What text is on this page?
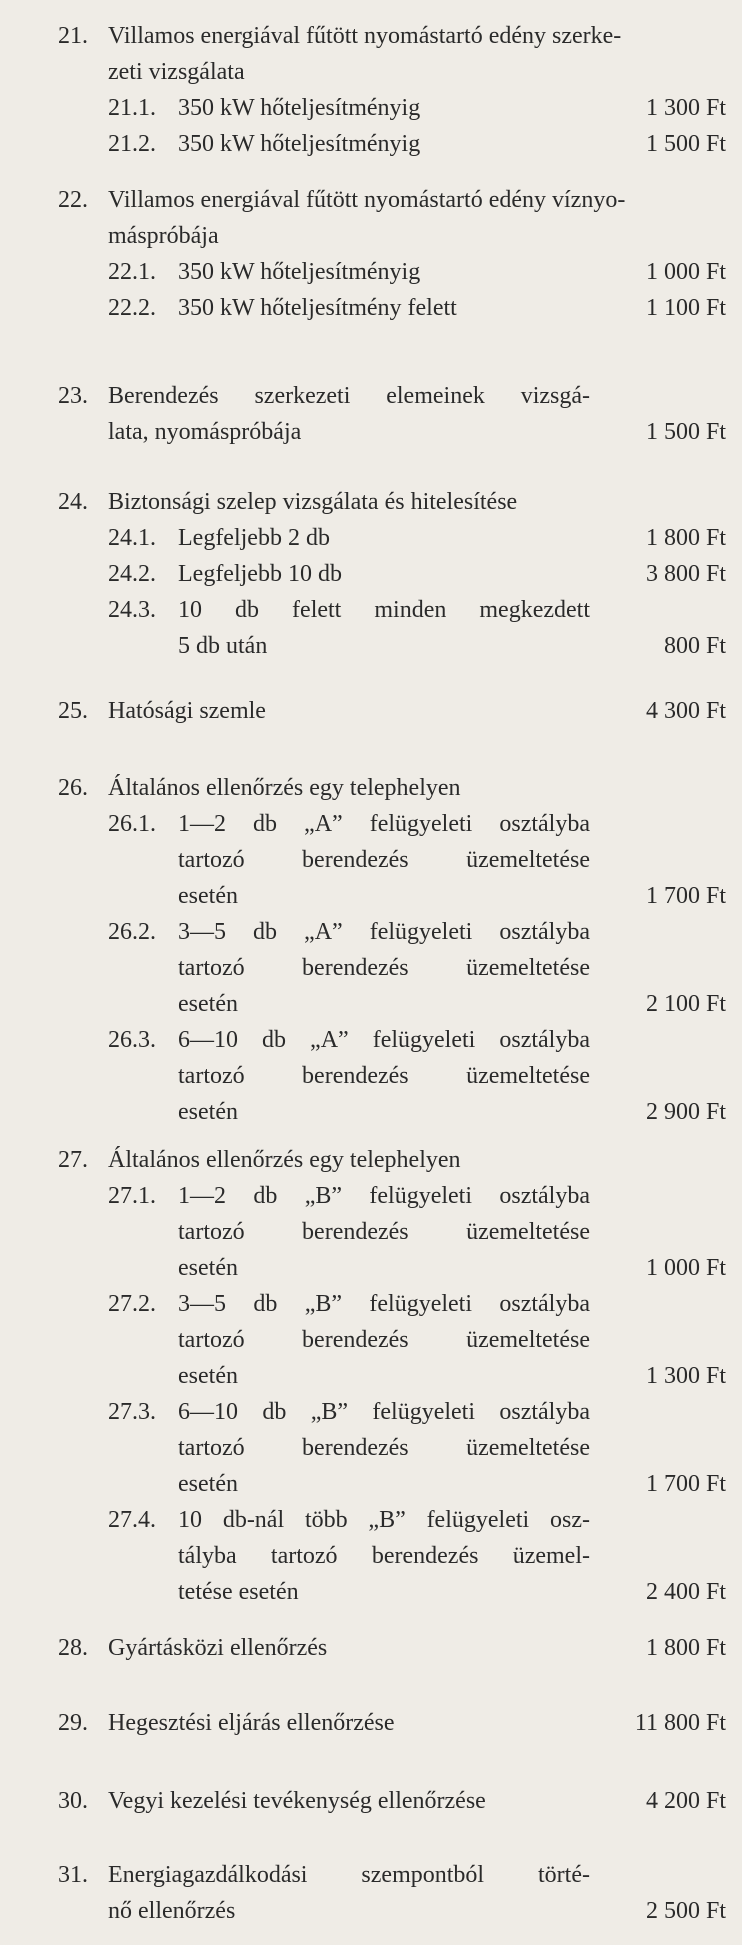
21. Villamos energiával fűtött nyomástartó edény szerke-
zeti vizsgálata
21.1. 350 kW hőteljesítményig	1 300 Ft
21.2. 350 kW hőteljesítményig	1 500 Ft
22. Villamos energiával fűtött nyomástartó edény víznyo-
máspróbája
22.1. 350 kW hőteljesítményig	1 000 Ft
22.2. 350 kW hőteljesítmény felett	1 100 Ft
23. Berendezés szerkezeti elemeinek vizsgá-
lata, nyomáspróbája	1 500 Ft
24. Biztonsági szelep vizsgálata és hitelesítése
24.1. Legfeljebb 2 db	1 800 Ft
24.2. Legfeljebb 10 db	3 800 Ft
24.3. 10 db felett minden megkezdett
5 db után	800 Ft
25. Hatósági szemle	4 300 Ft
26. Általános ellenőrzés egy telephelyen
26.1. 1—2 db „A” felügyeleti osztályba
tartozó berendezés üzemeltetése
esetén	1 700 Ft
26.2. 3—5 db „A” felügyeleti osztályba
tartozó berendezés üzemeltetése
esetén	2 100 Ft
26.3. 6—10 db „A” felügyeleti osztályba
tartozó berendezés üzemeltetése
esetén	2 900 Ft
27. Általános ellenőrzés egy telephelyen
27.1. 1—2 db „B” felügyeleti osztályba
tartozó berendezés üzemeltetése
esetén	1 000 Ft
27.2. 3—5 db „B” felügyeleti osztályba
tartozó berendezés üzemeltetése
esetén	1 300 Ft
27.3. 6—10 db „B” felügyeleti osztályba
tartozó berendezés üzemeltetése
esetén	1 700 Ft
27.4. 10 db-nál több „B” felügyeleti osz-
tályba tartozó berendezés üzemel-
tetése esetén	2 400 Ft
28. Gyártásközi ellenőrzés	1 800 Ft
29. Hegesztési eljárás ellenőrzése	11 800 Ft
30. Vegyi kezelési tevékenység ellenőrzése	4 200 Ft
31. Energiagazdálkodási szempontból törté-
nő ellenőrzés	2 500 Ft
